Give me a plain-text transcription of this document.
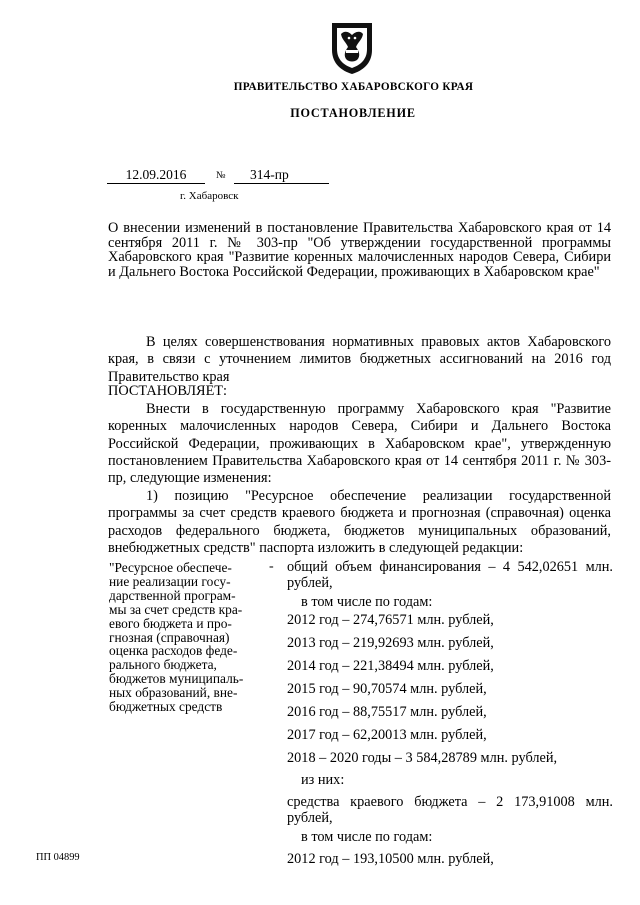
ПРАВИТЕЛЬСТВО ХАБАРОВСКОГО КРАЯ
ПОСТАНОВЛЕНИЕ
12.09.2016	№	314-пр
г. Хабаровск
О внесении изменений в постановление Правительства Хабаровского края от 14 сентября 2011 г. № 303-пр "Об утверждении государственной программы Хабаровского края "Развитие коренных малочисленных народов Севера, Сибири и Дальнего Востока Российской Федерации, проживающих в Хабаровском крае"
В целях совершенствования нормативных правовых актов Хабаровского края, в связи с уточнением лимитов бюджетных ассигнований на 2016 год Правительство края
ПОСТАНОВЛЯЕТ:
Внести в государственную программу Хабаровского края "Развитие коренных малочисленных народов Севера, Сибири и Дальнего Востока Российской Федерации, проживающих в Хабаровском крае", утвержденную постановлением Правительства Хабаровского края от 14 сентября 2011 г. № 303-пр, следующие изменения:
1) позицию "Ресурсное обеспечение реализации государственной программы за счет средств краевого бюджета и прогнозная (справочная) оценка расходов федерального бюджета, бюджетов муниципальных образований, внебюджетных средств" паспорта изложить в следующей редакции:
"Ресурсное обеспече-
ние реализации госу-
дарственной програм-
мы за счет средств кра-
евого бюджета и про-
гнозная (справочная)
оценка расходов феде-
рального бюджета,
бюджетов муниципаль-
ных образований, вне-
бюджетных средств
- общий объем финансирования – 4 542,02651 млн. рублей,
в том числе по годам:
2012 год – 274,76571 млн. рублей,
2013 год – 219,92693 млн. рублей,
2014 год – 221,38494 млн. рублей,
2015 год – 90,70574 млн. рублей,
2016 год – 88,75517 млн. рублей,
2017 год – 62,20013 млн. рублей,
2018 – 2020 годы – 3 584,28789 млн. рублей,
из них:
средства краевого бюджета – 2 173,91008 млн. рублей,
в том числе по годам:
2012 год – 193,10500 млн. рублей,
ПП 04899
